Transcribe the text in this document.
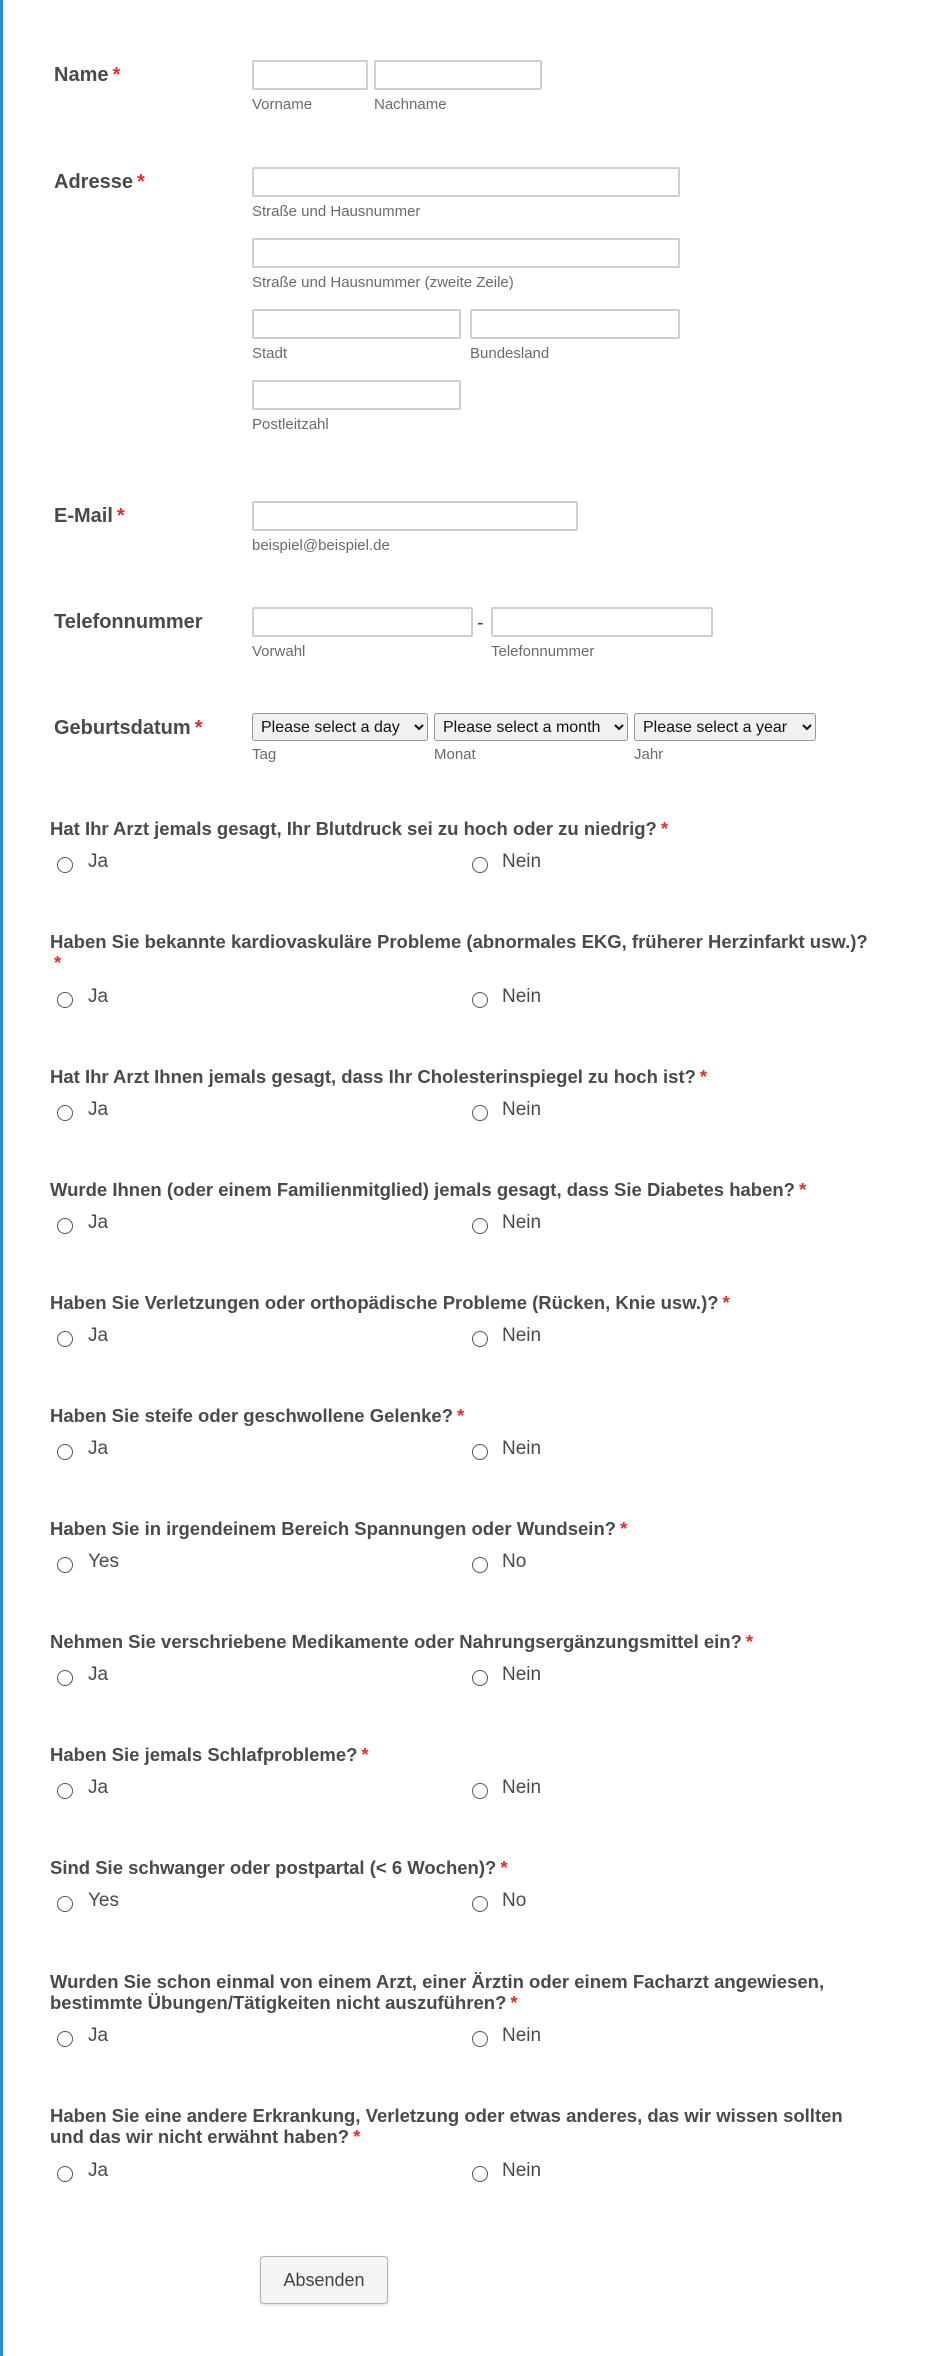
Name *
Vorname	Nachname
Adresse *
Straße und Hausnummer
Straße und Hausnummer (zweite Zeile)
Stadt	Bundesland
Postleitzahl
E-Mail *
beispiel@beispiel.de
Telefonnummer	-
Vorwahl	Telefonnummer
Geburtsdatum *
Please select a day
Please select a month
Please select a year
Tag	Monat	Jahr
Hat Ihr Arzt jemals gesagt, Ihr Blutdruck sei zu hoch oder zu niedrig? *
Ja	Nein
Haben Sie bekannte kardiovaskuläre Probleme (abnormales EKG, früherer Herzinfarkt usw.)?*
Ja	Nein
Hat Ihr Arzt Ihnen jemals gesagt, dass Ihr Cholesterinspiegel zu hoch ist? *
Ja	Nein
Wurde Ihnen (oder einem Familienmitglied) jemals gesagt, dass Sie Diabetes haben? *
Ja	Nein
Haben Sie Verletzungen oder orthopädische Probleme (Rücken, Knie usw.)? *
Ja	Nein
Haben Sie steife oder geschwollene Gelenke? *
Ja	Nein
Haben Sie in irgendeinem Bereich Spannungen oder Wundsein? *
Yes	No
Nehmen Sie verschriebene Medikamente oder Nahrungsergänzungsmittel ein? *
Ja	Nein
Haben Sie jemals Schlafprobleme? *
Ja	Nein
Sind Sie schwanger oder postpartal (< 6 Wochen)? *
Yes	No
Wurden Sie schon einmal von einem Arzt, einer Ärztin oder einem Facharzt angewiesen, bestimmte Übungen/Tätigkeiten nicht auszuführen? *
Ja	Nein
Haben Sie eine andere Erkrankung, Verletzung oder etwas anderes, das wir wissen sollten und das wir nicht erwähnt haben? *
Ja	Nein
Absenden
